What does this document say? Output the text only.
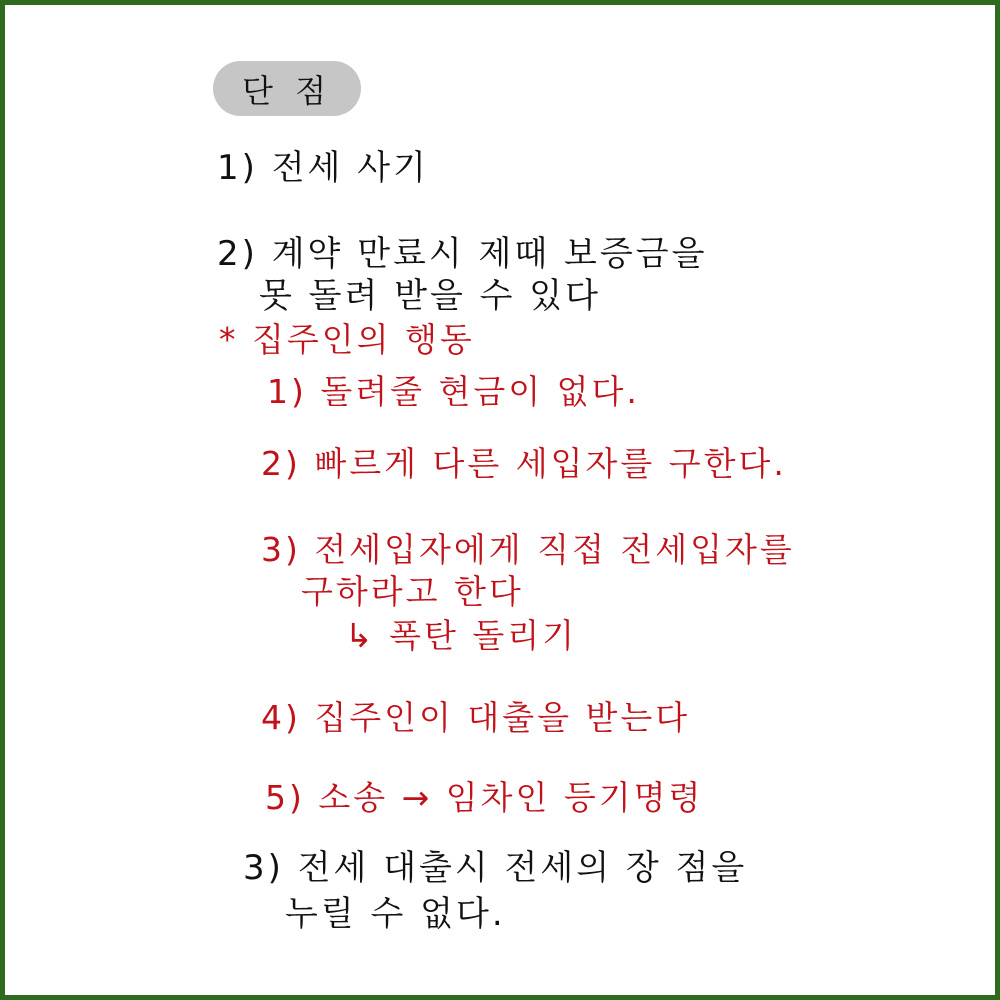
단 점
1) 전세 사기
2) 계약 만료시 제때 보증금을
못 돌려 받을 수 있다
* 집주인의 행동
1) 돌려줄 현금이 없다.
2) 빠르게 다른 세입자를 구한다.
3) 전세입자에게 직접 전세입자를
구하라고 한다
↳ 폭탄 돌리기
4) 집주인이 대출을 받는다
5) 소송 → 임차인 등기명령
3) 전세 대출시 전세의 장 점을
누릴 수 없다.
